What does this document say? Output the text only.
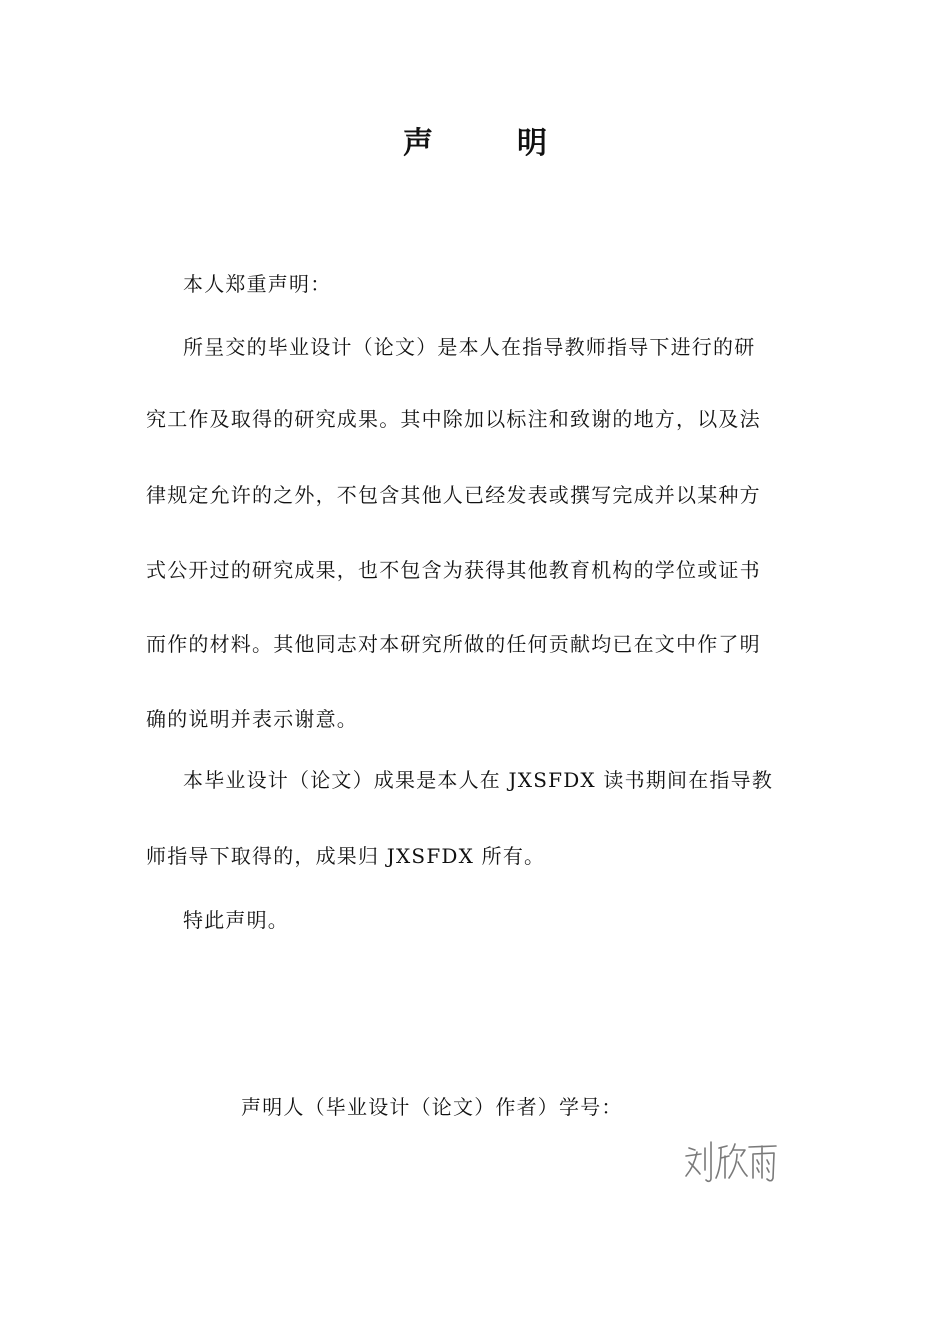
声	明
本人郑重声明：
所呈交的毕业设计（论文）是本人在指导教师指导下进行的研
究工作及取得的研究成果。其中除加以标注和致谢的地方，以及法
律规定允许的之外，不包含其他人已经发表或撰写完成并以某种方
式公开过的研究成果，也不包含为获得其他教育机构的学位或证书
而作的材料。其他同志对本研究所做的任何贡献均已在文中作了明
确的说明并表示谢意。
本毕业设计（论文）成果是本人在 JXSFDX 读书期间在指导教
师指导下取得的，成果归 JXSFDX 所有。
特此声明。
声明人（毕业设计（论文）作者）学号：
